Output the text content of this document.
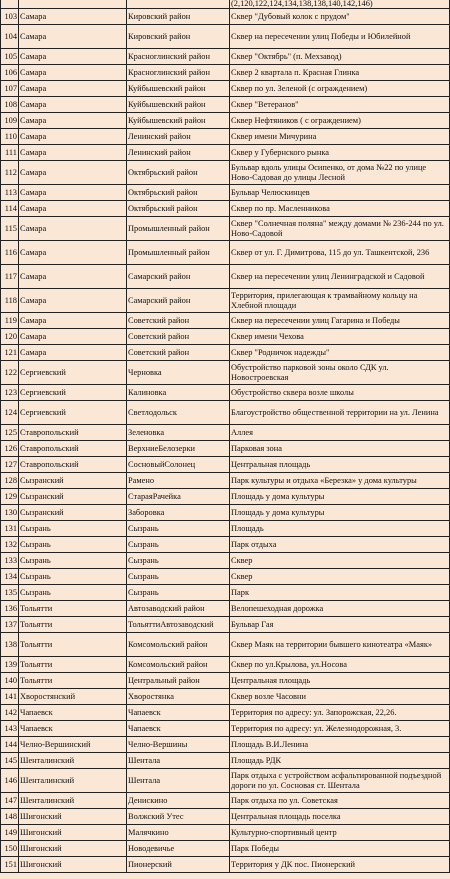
			(2,120,122,124,134,138,138,140,142,146)
103	Самара	Кировский район	Сквер "Дубовый колок с прудом"
104	Самара	Кировский район	Сквер на пересечении улиц Победы и Юбилейной
105	Самара	Красноглинский район	Сквер "Октябрь" (п. Мехзавод)
106	Самара	Красноглинский район	Сквер 2 квартала п. Красная Глинка
107	Самара	Куйбышевский район	Сквер по ул. Зеленой (с ограждением)
108	Самара	Куйбышевский район	Сквер "Ветеранов"
109	Самара	Куйбышевский район	Сквер Нефтяников ( с ограждением)
110	Самара	Ленинский район	Сквер имени Мичурина
111	Самара	Ленинский район	Сквер у Губернского рынка
112	Самара	Октябрьский район	Бульвар вдоль улицы Осипенко, от дома №22 по улице Ново-Садовая до улицы Лесной
113	Самара	Октябрьский район	Бульвар Челюскинцев
114	Самара	Октябрьский район	Сквер по пр. Масленникова
115	Самара	Промышленный район	Сквер "Солнечная поляна" между домами № 236-244 по ул. Ново-Садовой
116	Самара	Промышленный район	Сквер от ул. Г. Димитрова, 115 до ул. Ташкентской, 236
117	Самара	Самарский район	Сквер на пересечении улиц Ленинградской и Садовой
118	Самара	Самарский район	Территория, прилегающая к трамвайному кольцу на Хлебной площади
119	Самара	Советский район	Сквер на пересечении улиц Гагарина и Победы
120	Самара	Советский район	Сквер имени Чехова
121	Самара	Советский район	Сквер "Родничок надежды"
122	Сергиевский	Черновка	Обустройство парковой зоны около СДК ул. Новостроевская
123	Сергиевский	Калиновка	Обустройство сквера возле школы
124	Сергиевский	Светлодольск	Благоустройство общественной территории на ул. Ленина
125	Ставропольский	Зеленовка	Аллея
126	Ставропольский	ВерхниеБелозерки	Парковая зона
127	Ставропольский	СосновыйСолонец	Центральная площадь
128	Сызранский	Рамено	Парк культуры и отдыха «Березка» у дома культуры
129	Сызранский	СтараяРачейка	Площадь у дома культуры
130	Сызранский	Заборовка	Площадь у дома культуры
131	Сызрань	Сызрань	Площадь
132	Сызрань	Сызрань	Парк отдыха
133	Сызрань	Сызрань	Сквер
134	Сызрань	Сызрань	Сквер
135	Сызрань	Сызрань	Парк
136	Тольятти	Автозаводский район	Велопешеходная дорожка
137	Тольятти	ТольяттиАвтозаводский	Бульвар Гая
138	Тольятти	Комсомольский район	Сквер Маяк на территории бывшего кинотеатра «Маяк»
139	Тольятти	Комсомольский район	Сквер по ул.Крылова, ул.Носова
140	Тольятти	Центральный район	Центральная площадь
141	Хворостянский	Хворостянка	Сквер возле Часовни
142	Чапаевск	Чапаевск	Территория по адресу: ул. Запорожская, 22,26.
143	Чапаевск	Чапаевск	Территория по адресу: ул. Железнодорожная, 3.
144	Челно-Вершинский	Челно-Вершины	Площадь В.И.Ленина
145	Шенталинский	Шентала	Площадь РДК
146	Шенталинский	Шентала	Парк отдыха с устройством асфальтированной подъездной дороги по ул. Сосновая ст. Шентала
147	Шенталинский	Денискино	Парк отдыха по ул. Советская
148	Шигонский	Волжский Утес	Центральная площадь поселка
149	Шигонский	Малячкино	Культурно-спортивный центр
150	Шигонский	Новодевичье	Парк Победы
151	Шигонский	Пионерский	Территория у ДК пос. Пионерский
